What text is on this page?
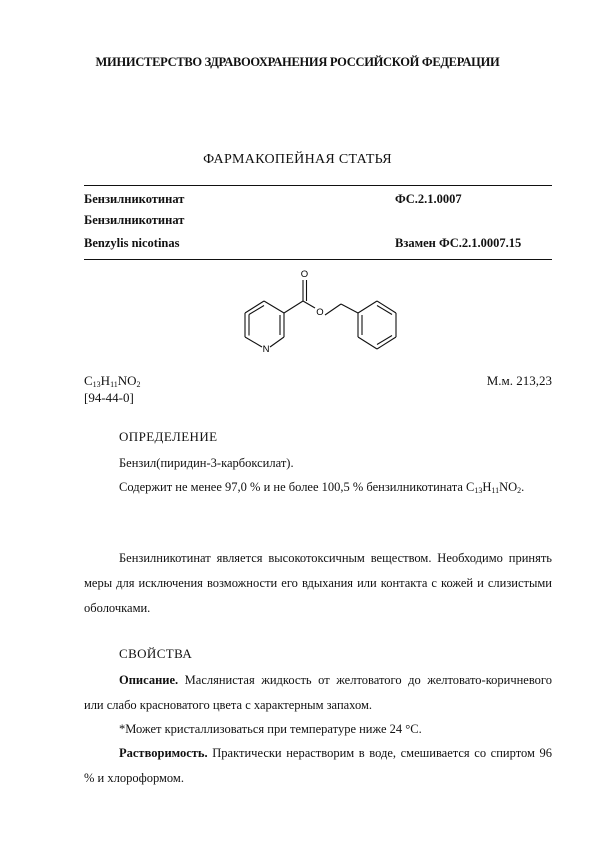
МИНИСТЕРСТВО ЗДРАВООХРАНЕНИЯ РОССИЙСКОЙ ФЕДЕРАЦИИ
ФАРМАКОПЕЙНАЯ СТАТЬЯ
Бензилникотинат	ФС.2.1.0007
Бензилникотинат
Benzylis nicotinas	Взамен ФС.2.1.0007.15
O
O
N
$C_{13}H_{11}NO_2$	М.м. 213,23
[94-44-0]
ОПРЕДЕЛЕНИЕ
Бензил(пиридин-3-карбоксилат).
Содержит не менее 97,0 % и не более 100,5 % бензилникотината $C_{13}H_{11}NO_2$.
Бензилникотинат является высокотоксичным веществом. Необходимо принять меры для исключения возможности его вдыхания или контакта с кожей и слизистыми оболочками.
СВОЙСТВА
Описание. Маслянистая жидкость от желтоватого до желтовато-коричневого или слабо красноватого цвета с характерным запахом.
*Может кристаллизоваться при температуре ниже 24 °C.
Растворимость. Практически нерастворим в воде, смешивается со спиртом 96 % и хлороформом.
